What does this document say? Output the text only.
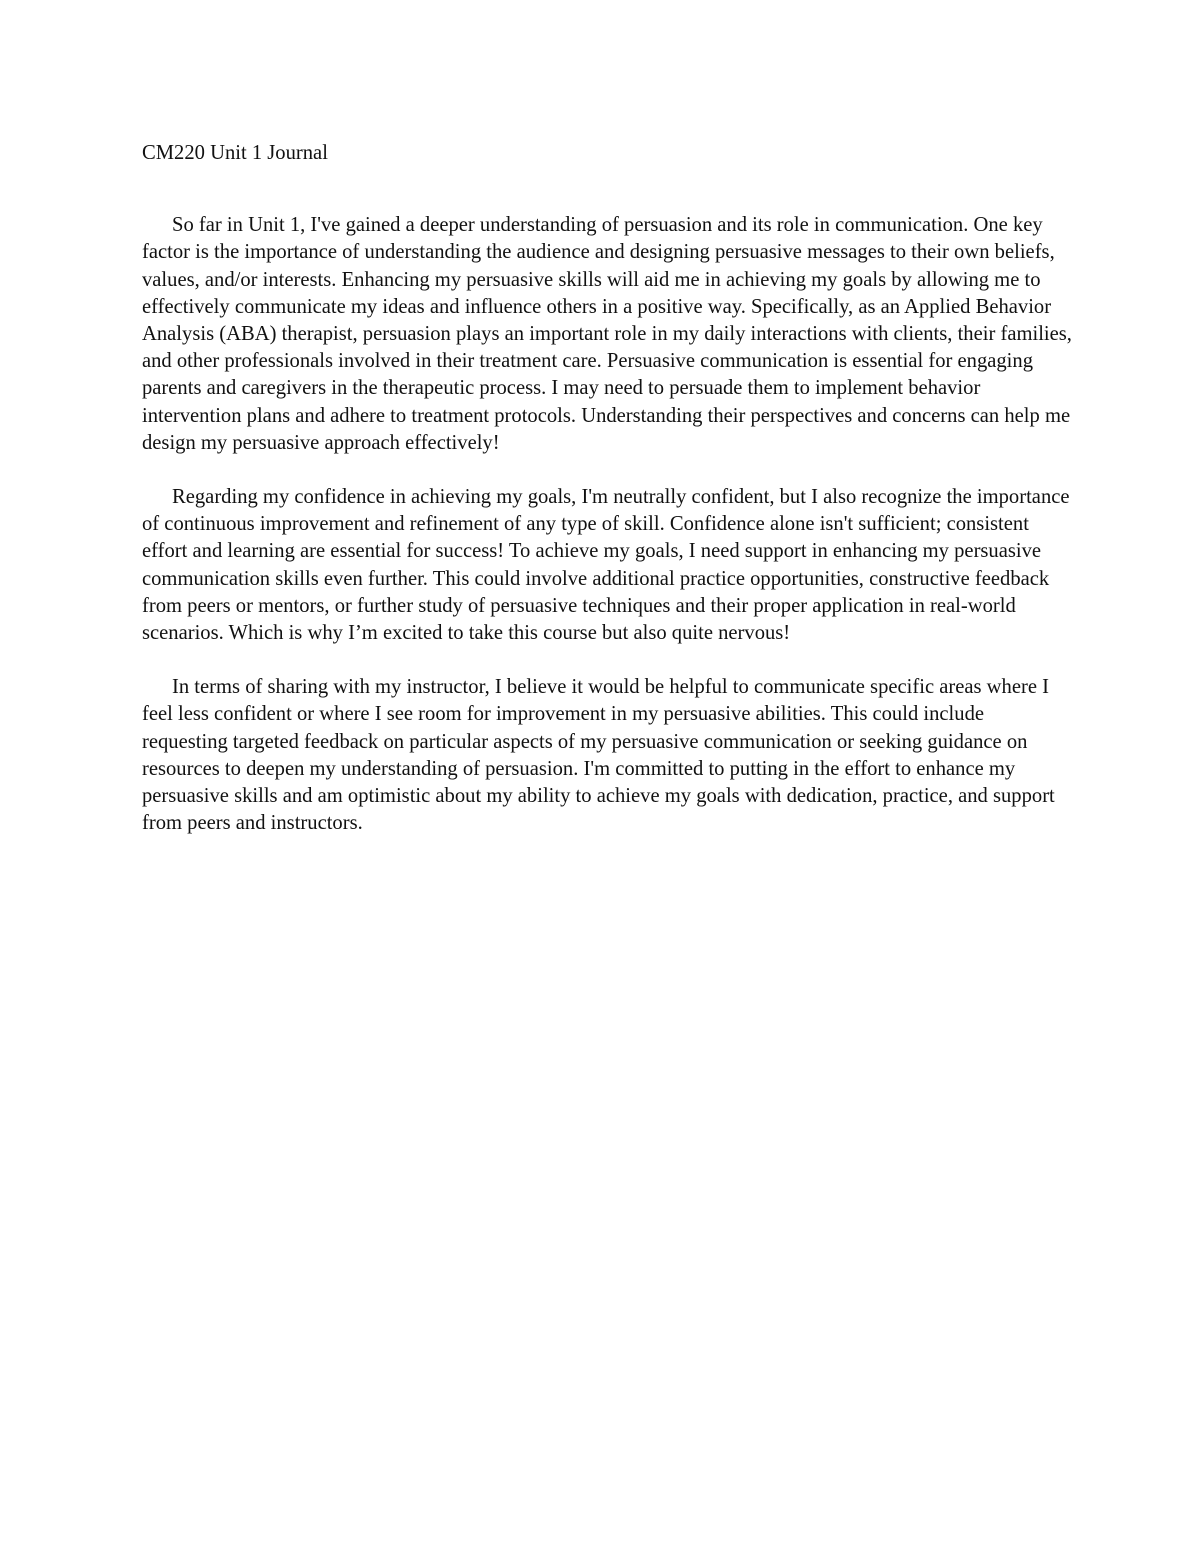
CM220 Unit 1 Journal

So far in Unit 1, I've gained a deeper understanding of persuasion and its role in communication. One key factor is the importance of understanding the audience and designing persuasive messages to their own beliefs, values, and/or interests. Enhancing my persuasive skills will aid me in achieving my goals by allowing me to effectively communicate my ideas and influence others in a positive way. Specifically, as an Applied Behavior Analysis (ABA) therapist, persuasion plays an important role in my daily interactions with clients, their families, and other professionals involved in their treatment care. Persuasive communication is essential for engaging parents and caregivers in the therapeutic process. I may need to persuade them to implement behavior intervention plans and adhere to treatment protocols. Understanding their perspectives and concerns can help me design my persuasive approach effectively!

Regarding my confidence in achieving my goals, I'm neutrally confident, but I also recognize the importance of continuous improvement and refinement of any type of skill. Confidence alone isn't sufficient; consistent effort and learning are essential for success! To achieve my goals, I need support in enhancing my persuasive communication skills even further. This could involve additional practice opportunities, constructive feedback from peers or mentors, or further study of persuasive techniques and their proper application in real-world scenarios. Which is why I’m excited to take this course but also quite nervous!

In terms of sharing with my instructor, I believe it would be helpful to communicate specific areas where I feel less confident or where I see room for improvement in my persuasive abilities. This could include requesting targeted feedback on particular aspects of my persuasive communication or seeking guidance on resources to deepen my understanding of persuasion. I'm committed to putting in the effort to enhance my persuasive skills and am optimistic about my ability to achieve my goals with dedication, practice, and support from peers and instructors.
